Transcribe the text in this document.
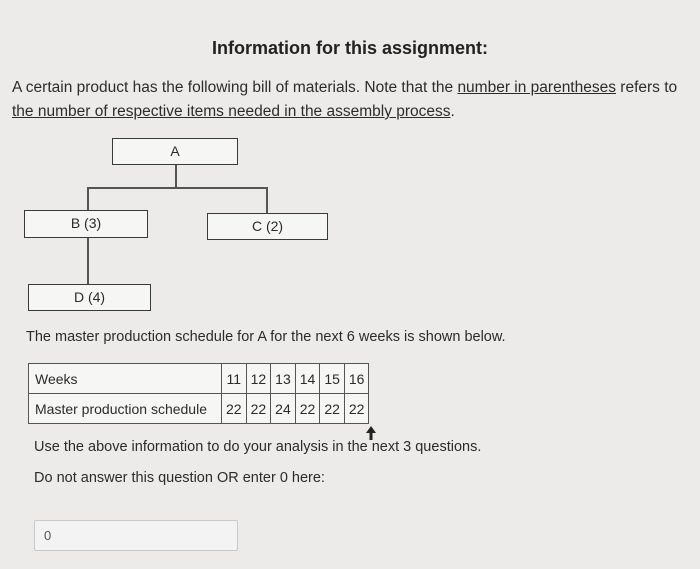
Information for this assignment:
A certain product has the following bill of materials. Note that the number in parentheses refers to
the number of respective items needed in the assembly process.
A
B (3)	C (2)
D (4)
The master production schedule for A for the next 6 weeks is shown below.
Weeks	11	12	13	14	15	16
Master production schedule	22	22	24	22	22	22
Use the above information to do your analysis in the next 3 questions.
Do not answer this question OR enter 0 here:
0
